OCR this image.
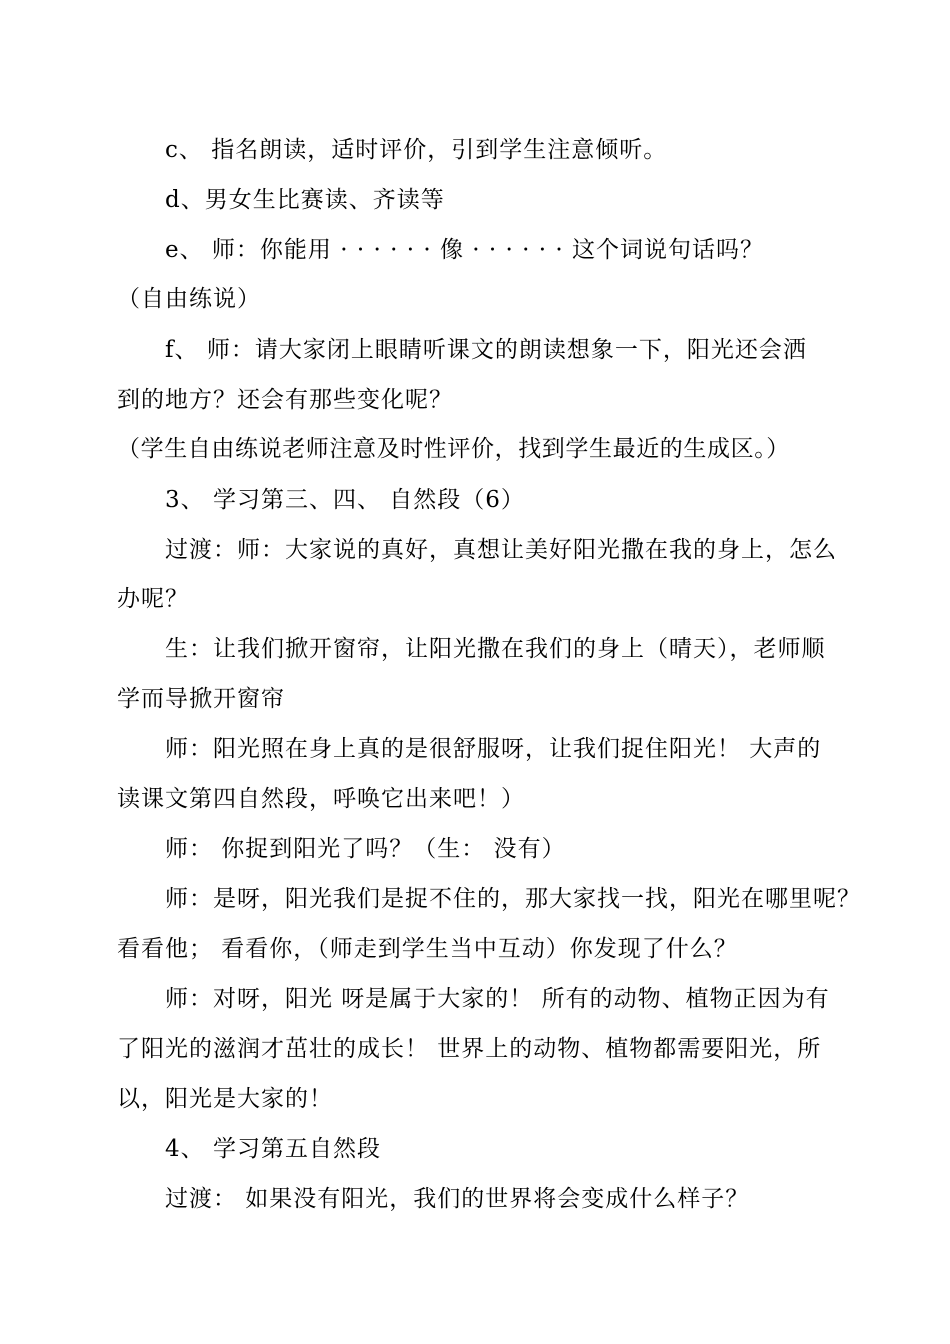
c、 指名朗读，适时评价，引到学生注意倾听。
d、男女生比赛读、齐读等
e、 师：你能用 · · · · · · 像 · · · · · · 这个词说句话吗？
（自由练说）
f、 师：请大家闭上眼睛听课文的朗读想象一下，阳光还会洒
到的地方？还会有那些变化呢？
（学生自由练说老师注意及时性评价，找到学生最近的生成区。）
3、 学习第三、四、 自然段（6）
过渡：师：大家说的真好，真想让美好阳光撒在我的身上，怎么
办呢？
生：让我们掀开窗帘，让阳光撒在我们的身上（晴天），老师顺
学而导掀开窗帘
师：阳光照在身上真的是很舒服呀，让我们捉住阳光！ 大声的
读课文第四自然段，呼唤它出来吧！）
师： 你捉到阳光了吗？（生： 没有）
师：是呀，阳光我们是捉不住的，那大家找一找，阳光在哪里呢？
看看他； 看看你，（师走到学生当中互动）你发现了什么？
师：对呀，阳光 呀是属于大家的！ 所有的动物、植物正因为有
了阳光的滋润才茁壮的成长！ 世界上的动物、植物都需要阳光，所
以，阳光是大家的！
4、 学习第五自然段
过渡： 如果没有阳光，我们的世界将会变成什么样子？
